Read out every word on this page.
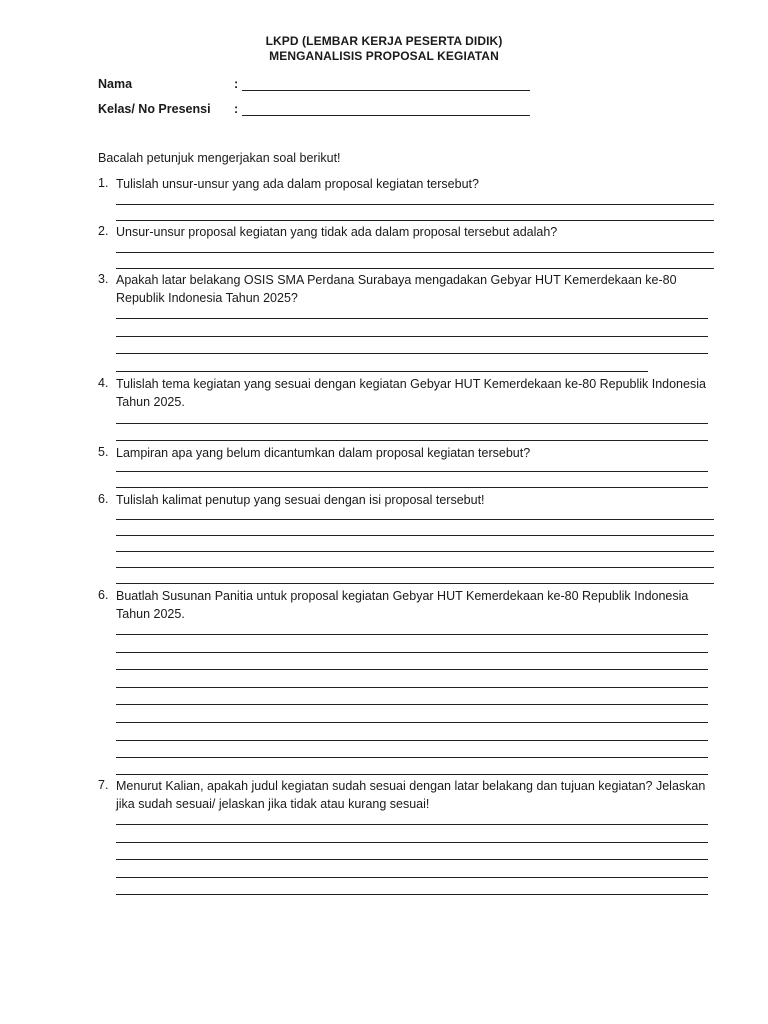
LKPD (LEMBAR KERJA PESERTA DIDIK)
MENGANALISIS PROPOSAL KEGIATAN
Nama	:
Kelas/ No Presensi :
Bacalah petunjuk mengerjakan soal berikut!
1. Tulislah unsur-unsur yang ada dalam proposal kegiatan tersebut?
2. Unsur-unsur proposal kegiatan yang tidak ada dalam proposal tersebut adalah?
3. Apakah latar belakang OSIS SMA Perdana Surabaya mengadakan Gebyar HUT Kemerdekaan ke-80 Republik Indonesia Tahun 2025?
4. Tulislah tema kegiatan yang sesuai dengan kegiatan Gebyar HUT Kemerdekaan ke-80 Republik Indonesia Tahun 2025.
5. Lampiran apa yang belum dicantumkan dalam proposal kegiatan tersebut?
6. Tulislah kalimat penutup yang sesuai dengan isi proposal tersebut!
6. Buatlah Susunan Panitia untuk proposal kegiatan Gebyar HUT Kemerdekaan ke-80 Republik Indonesia Tahun 2025.
7. Menurut Kalian, apakah judul kegiatan sudah sesuai dengan latar belakang dan tujuan kegiatan? Jelaskan jika sudah sesuai/ jelaskan jika tidak atau kurang sesuai!
